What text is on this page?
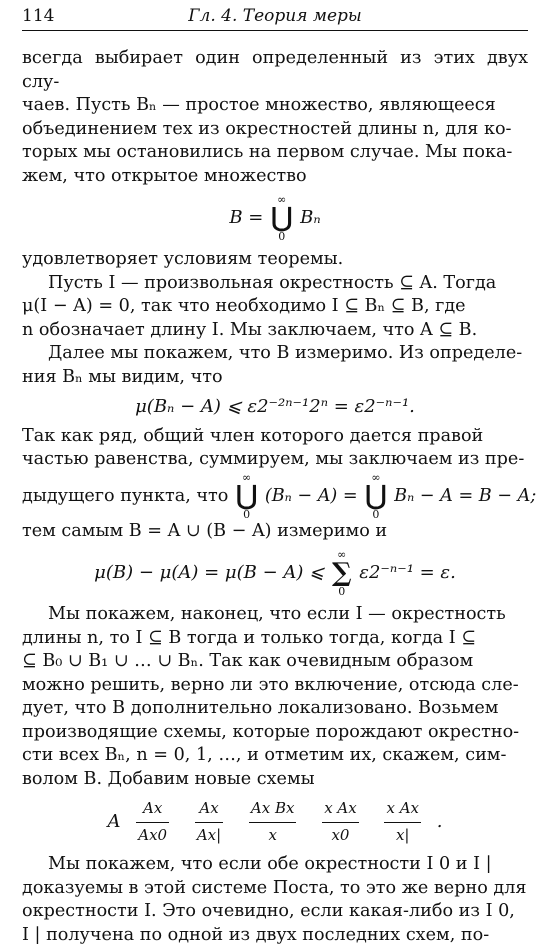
114	Гл. 4. Теория меры
всегда выбирает один определенный из этих двух слу-
чаев. Пусть Bₙ — простое множество, являющееся
объединением тех из окрестностей длины n, для ко-
торых мы остановились на первом случае. Мы пока-
жем, что открытое множество
B =
∞
⋃
0
Bₙ
удовлетворяет условиям теоремы.
Пусть I — произвольная окрестность ⊆ A. Тогда
μ(I − A) = 0, так что необходимо I ⊆ Bₙ ⊆ B, где
n обозначает длину I. Мы заключаем, что A ⊆ B.
Далее мы покажем, что B измеримо. Из определе-
ния Bₙ мы видим, что
μ(Bₙ − A) ⩽ ε2⁻²ⁿ⁻¹2ⁿ = ε2⁻ⁿ⁻¹.
Так как ряд, общий член которого дается правой
частью равенства, суммируем, мы заключаем из пре-
дыдущего пункта, что
∞
⋃
0
(Bₙ − A) =
∞
⋃
0
Bₙ − A = B − A;
тем самым B = A ∪ (B − A) измеримо и
μ(B) − μ(A) = μ(B − A) ⩽
∞
∑
0
ε2⁻ⁿ⁻¹ = ε.
Мы покажем, наконец, что если I — окрестность
длины n, то I ⊆ B тогда и только тогда, когда I ⊆
⊆ B₀ ∪ B₁ ∪ … ∪ Bₙ. Так как очевидным образом
можно решить, верно ли это включение, отсюда сле-
дует, что B дополнительно локализовано. Возьмем
производящие схемы, которые порождают окрестно-
сти всех Bₙ, n = 0, 1, …, и отметим их, скажем, сим-
волом B. Добавим новые схемы
A $\frac{Ax}{Ax0}$
$\frac{Ax}{Ax|}$
$\frac{\text{Ax Bx}}{x}$
$\frac{\text{x Ax}}{x0}$
$\frac{\text{x Ax}}{x|}$ .
Мы покажем, что если обе окрестности I 0 и I |
доказуемы в этой системе Поста, то это же верно для
окрестности I. Это очевидно, если какая-либо из I 0,
I | получена по одной из двух последних схем, по-
